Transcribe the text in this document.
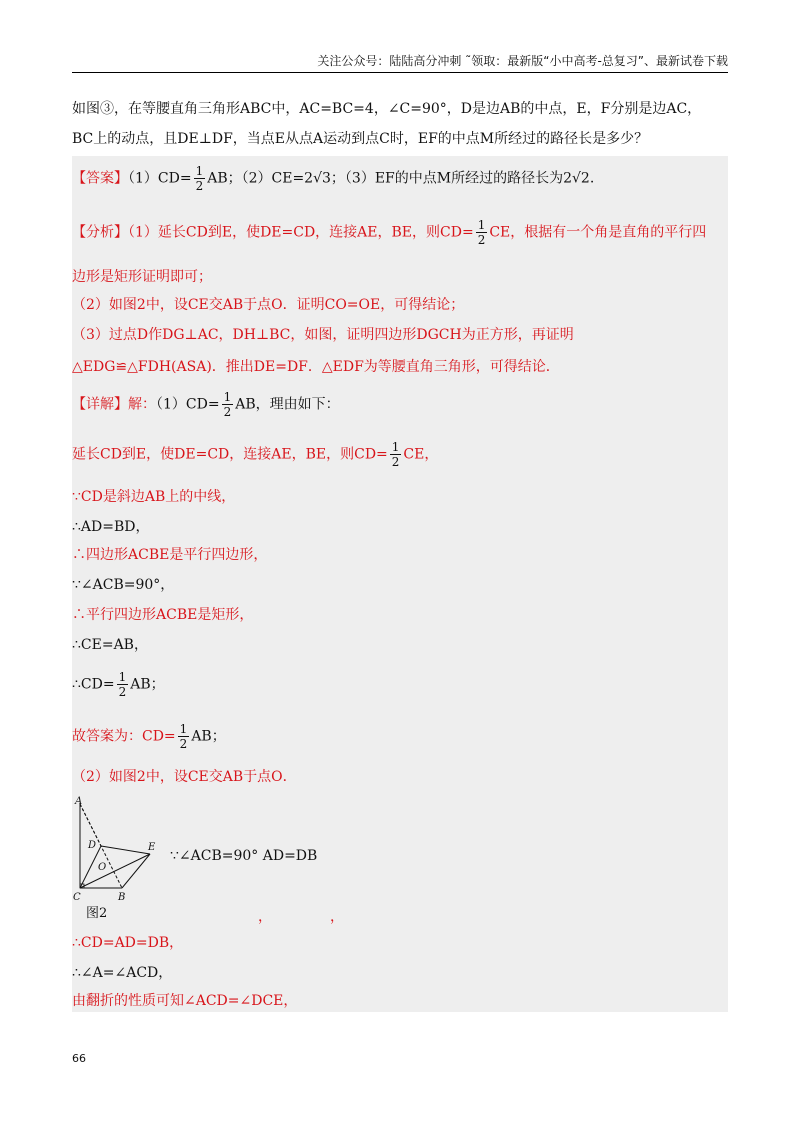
关注公众号：陆陆高分冲刺 ˜领取：最新版“小中高考-总复习”、最新试卷下载
如图③，在等腰直角三角形ABC中，AC=BC=4，∠C=90°，D是边AB的中点，E，F分别是边AC，
BC上的动点，且DE⊥DF，当点E从点A运动到点C时，EF的中点M所经过的路径长是多少？
【答案】$(1)CD= \frac{1}{2}$ AB；（2）CE=2√3；（3）EF的中点M所经过的路径长为2√2.
【分析】（1）延长CD到E，使DE=CD，连接AE，BE，则$CD= \frac{1}{2}$ CE，根据有一个角是直角的平行四
边形是矩形证明即可；
（2）如图2中，设CE交AB于点O．证明CO=OE，可得结论；
（3）过点D作DG⊥AC，DH⊥BC，如图，证明四边形DGCH为正方形，再证明
△EDG≌△FDH(ASA)．推出DE=DF．△EDF为等腰直角三角形，可得结论．
【详解】解：$(1)CD= \frac{1}{2}$ AB，理由如下：
延长CD到E，使DE=CD，连接AE，BE，则$CD= \frac{1}{2}$ CE，
∵CD是斜边AB上的中线，
∴AD=BD，
∴四边形ACBE是平行四边形，
∵∠ACB=90°，
∴平行四边形ACBE是矩形，
∴CE=AB，
∴CD= $\frac{1}{2}$ AB；
故答案为：$CD= \frac{1}{2}$ AB；
（2）如图2中，设CE交AB于点O．
A
D	E
O
C	B
∵∠ACB=90° AD=DB
图2	，	，
∴CD=AD=DB，
∴∠A=∠ACD，
由翻折的性质可知∠ACD=∠DCE，
66
